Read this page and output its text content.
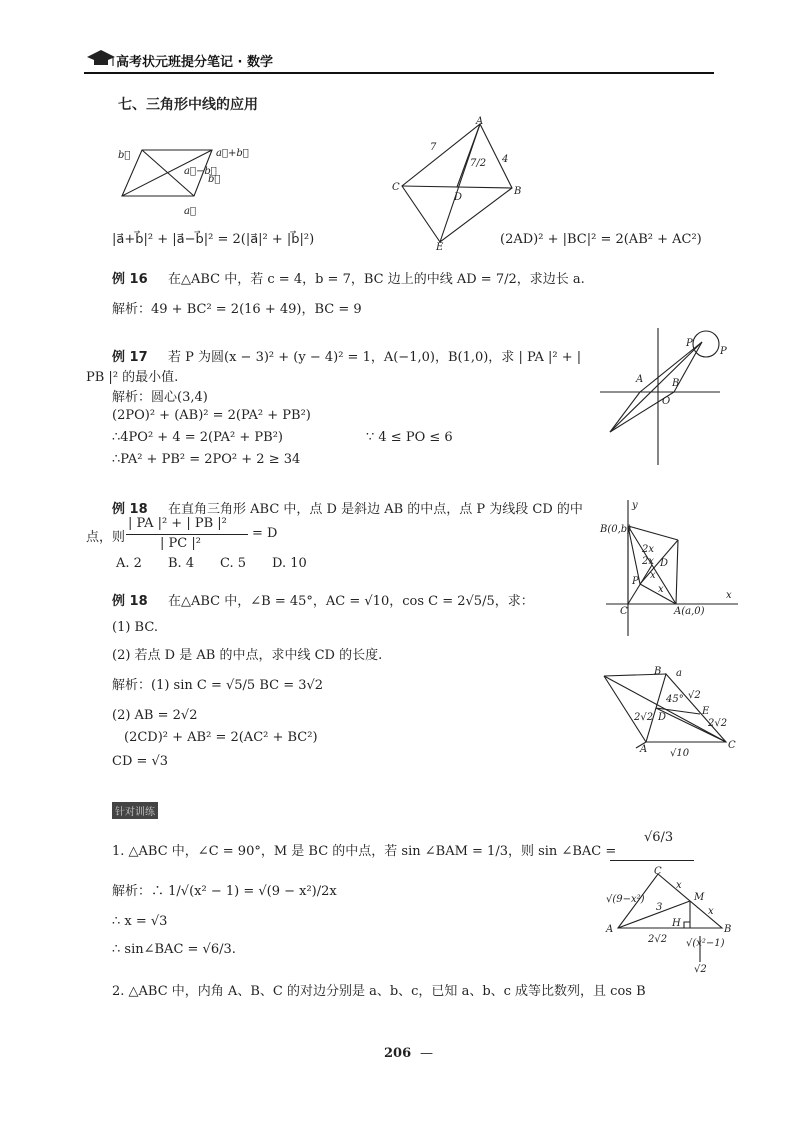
高考状元班提分笔记 · 数学
七、三角形中线的应用
b⃗	a⃗+b⃗
a⃗−b⃗
b⃗
a⃗
A
7
7/2 4
C
D
B
E
|a⃗+b⃗|² + |a⃗−b⃗|² = 2(|a⃗|² + |b⃗|²)	(2AD)² + |BC|² = 2(AB² + AC²)
例 16 在△ABC 中，若 c = 4，b = 7，BC 边上的中线 AD = 7/2，求边长 a.
解析：49 + BC² = 2(16 + 49)，BC = 9
例 17 若 P 为圆(x − 3)² + (y − 4)² = 1，A(−1,0)，B(1,0)，求 | PA |² + |
PB |² 的最小值.
解析：圆心(3,4)
(2PO)² + (AB)² = 2(PA² + PB²)
∴4PO² + 4 = 2(PA² + PB²)	∵ 4 ≤ PO ≤ 6
∴PA² + PB² = 2PO² + 2 ≥ 34
P
P
A	B
O
例 18 在直角三角形 ABC 中，点 D 是斜边 AB 的中点，点 P 为线段 CD 的中
点，则
| PA |² + | PB |²
| PC |²
= D
A. 2 B. 4 C. 5 D. 10
y
B(0,b)
2x
2x
x
x
D
P
C	A(a,0)
x
例 18 在△ABC 中，∠B = 45°，AC = √10，cos C = 2√5/5，求：
(1) BC.
(2) 若点 D 是 AB 的中点，求中线 CD 的长度.
解析：(1) sin C = √5/5 BC = 3√2
(2) AB = 2√2
(2CD)² + AB² = 2(AC² + BC²)
CD = √3
B a
45° √2
E
2√2
2√2
D
A √10
C
针对训练
1. △ABC 中，∠C = 90°，M 是 BC 的中点，若 sin ∠BAM = 1/3，则 sin ∠BAC =
√6/3
解析：∴ 1/√(x² − 1) = √(9 − x²)/2x
∴ x = √3
∴ sin∠BAC = √6/3.
2. △ABC 中，内角 A、B、C 的对边分别是 a、b、c，已知 a、b、c 成等比数列，且 cos B
C
x
M
√(9−x²)
3	x
H
A
2√2 √(x²−1)
B
√2
206 —
